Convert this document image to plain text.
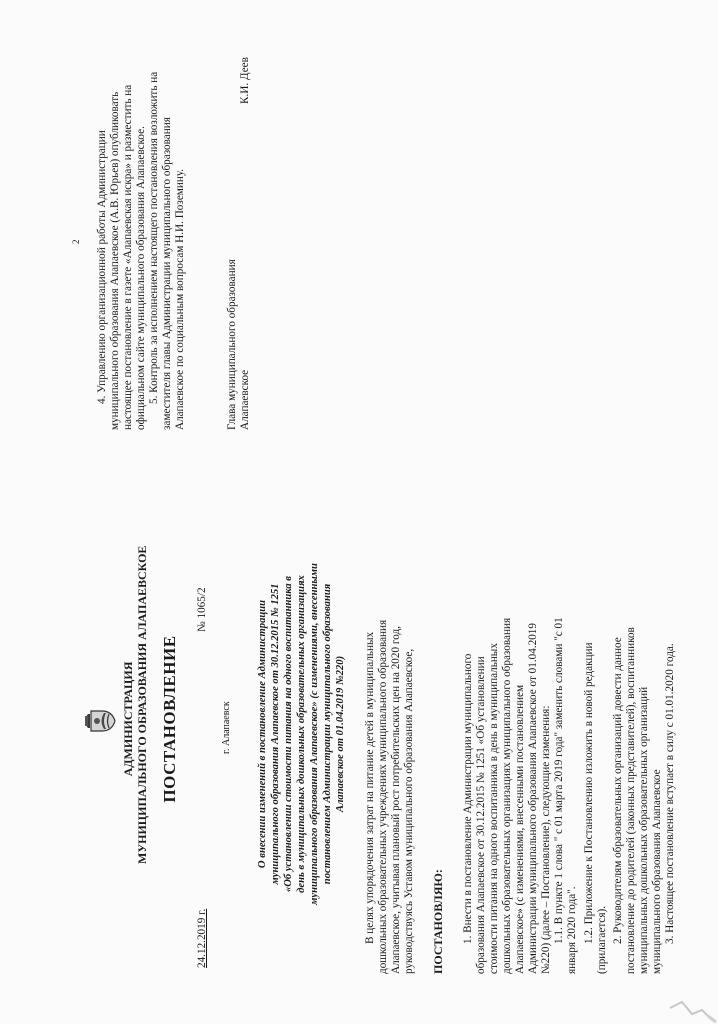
АДМИНИСТРАЦИЯ МУНИЦИПАЛЬНОГО ОБРАЗОВАНИЯ АЛАПАЕВСКОЕ ПОСТАНОВЛЕНИЕ
24.12.2019 г.
г. Алапаевск
№ 1065/2	О внесении изменений в постановление Администрации муниципального образования Алапаевское от 30.12.2015 № 1251 «Об установлении стоимости питания на одного воспитанника в день в муниципальных дошкольных образовательных организациях муниципального образования Алапаевское» (с изменениями, внесенными постановлением Администрации муниципального образования Алапаевское от 01.04.2019 №220) В целях упорядочения затрат на питание детей в муниципальных дошкольных образовательных учреждениях муниципального образования Алапаевское, учитывая плановый рост потребительских цен на 2020 год, руководствуясь Уставом муниципального образования Алапаевское, ПОСТАНОВЛЯЮ: 1. Внести в постановление Администрации муниципального образования Алапаевское от 30.12.2015 № 1251 «Об установлении стоимости питания на одного воспитанника в день в муниципальных дошкольных образовательных организациях муниципального образования Алапаевское» (с изменениями, внесенными постановлением Администрации муниципального образования Алапаевское от 01.04.2019 №220) (далее – Постановление), следующие изменения: 1.1. В пункте 1 слова " с 01 марта 2019 года" заменить словами "с 01 января 2020 года". 1.2. Приложение к Постановлению изложить в новой редакции (прилагается). 2. Руководителям образовательных организаций довести данное постановление до родителей (законных представителей), воспитанников муниципальных дошкольных образовательных организаций муниципального образования Алапаевское 3. Настоящее постановление вступает в силу с 01.01.2020 года.
2 4. Управлению организационной работы Администрации муниципального образования Алапаевское (А.В. Юрьев) опубликовать настоящее постановление в газете «Алапаевская искра» и разместить на официальном сайте муниципального образования Алапаевское. 5. Контроль за исполнением настоящего постановления возложить на заместителя главы Администрации муниципального образования Алапаевское по социальным вопросам Н.И. Поземину.	Глава муниципального образования Алапаевское
К.И. Деев
